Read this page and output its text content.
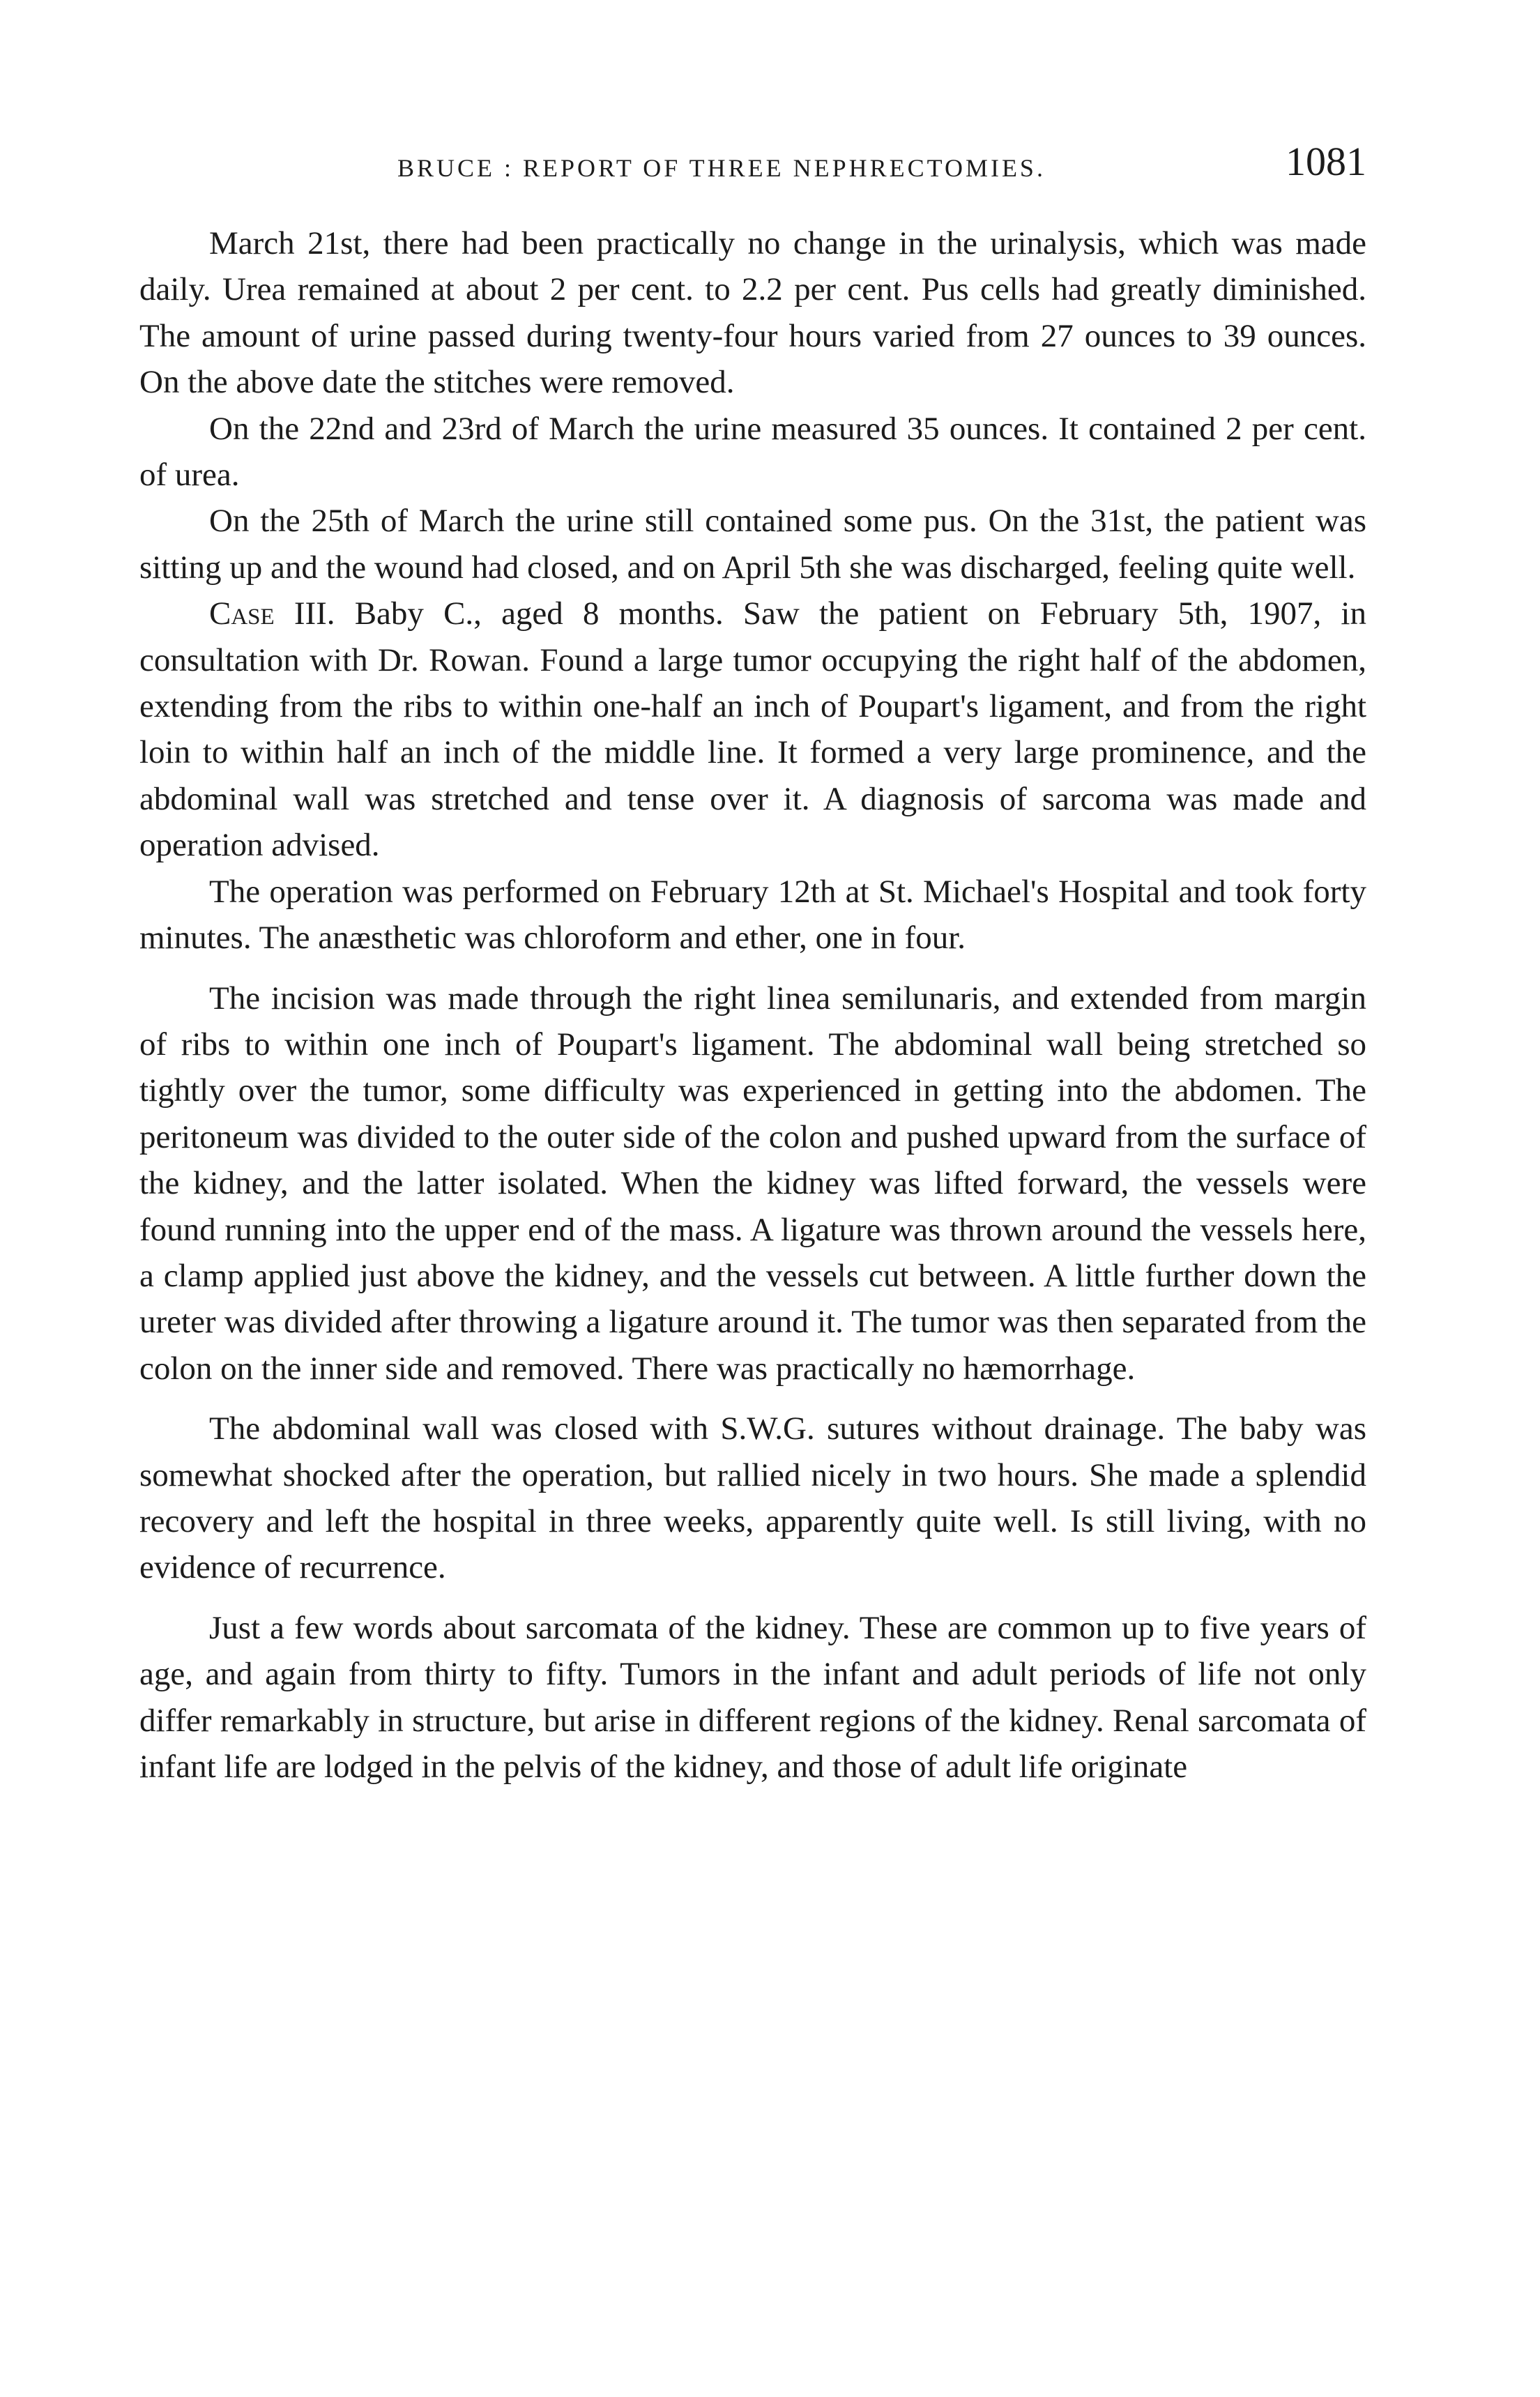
BRUCE : REPORT OF THREE NEPHRECTOMIES.	1081

March 21st, there had been practically no change in the urinalysis, which was made daily. Urea remained at about 2 per cent. to 2.2 per cent. Pus cells had greatly diminished. The amount of urine passed during twenty-four hours varied from 27 ounces to 39 ounces. On the above date the stitches were removed.

On the 22nd and 23rd of March the urine measured 35 ounces. It contained 2 per cent. of urea.

On the 25th of March the urine still contained some pus. On the 31st, the patient was sitting up and the wound had closed, and on April 5th she was discharged, feeling quite well.

Case III. Baby C., aged 8 months. Saw the patient on February 5th, 1907, in consultation with Dr. Rowan. Found a large tumor occupying the right half of the abdomen, extending from the ribs to within one-half an inch of Poupart's ligament, and from the right loin to within half an inch of the middle line. It formed a very large prominence, and the abdominal wall was stretched and tense over it. A diagnosis of sarcoma was made and operation advised.

The operation was performed on February 12th at St. Michael's Hospital and took forty minutes. The anæsthetic was chloroform and ether, one in four.

The incision was made through the right linea semilunaris, and extended from margin of ribs to within one inch of Poupart's ligament. The abdominal wall being stretched so tightly over the tumor, some difficulty was experienced in getting into the abdomen. The peritoneum was divided to the outer side of the colon and pushed upward from the surface of the kidney, and the latter isolated. When the kidney was lifted forward, the vessels were found running into the upper end of the mass. A ligature was thrown around the vessels here, a clamp applied just above the kidney, and the vessels cut between. A little further down the ureter was divided after throwing a ligature around it. The tumor was then separated from the colon on the inner side and removed. There was practically no hæmorrhage.

The abdominal wall was closed with S.W.G. sutures without drainage. The baby was somewhat shocked after the operation, but rallied nicely in two hours. She made a splendid recovery and left the hospital in three weeks, apparently quite well. Is still living, with no evidence of recurrence.

Just a few words about sarcomata of the kidney. These are common up to five years of age, and again from thirty to fifty. Tumors in the infant and adult periods of life not only differ remarkably in structure, but arise in different regions of the kidney. Renal sarcomata of infant life are lodged in the pelvis of the kidney, and those of adult life originate
